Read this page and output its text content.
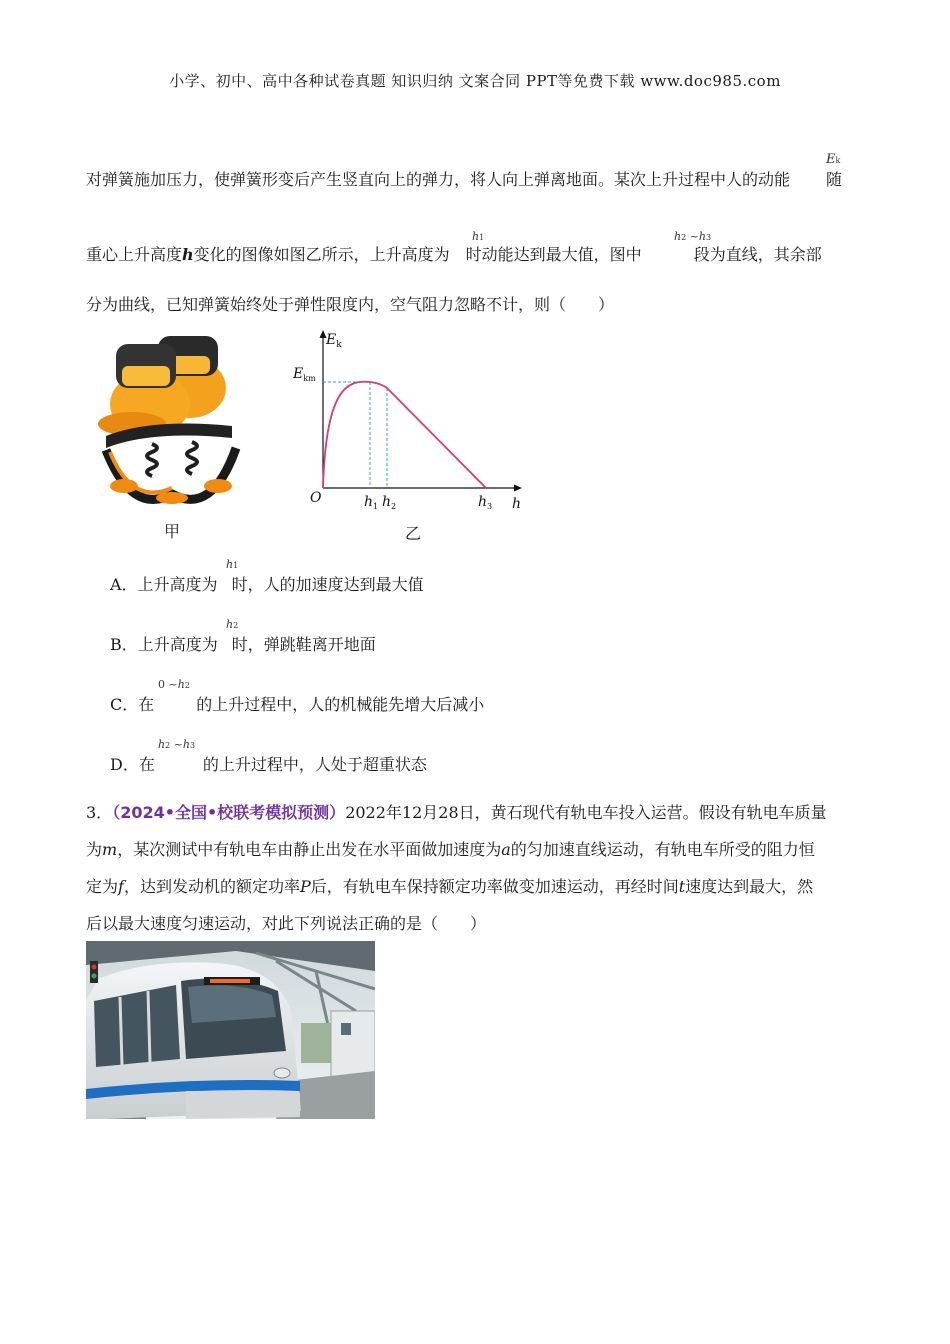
小学、初中、高中各种试卷真题 知识归纳 文案合同 PPT等免费下载 www.doc985.com
对弹簧施加压力，使弹簧形变后产生竖直向上的弹力，将人向上弹离地面。某次上升过程中人的动能 随
Ek
重心上升高度h变化的图像如图乙所示，上升高度为 时动能达到最大值，图中	段为直线，其余部
h1	h2 ~h3
分为曲线，已知弹簧始终处于弹性限度内，空气阻力忽略不计，则（　　）
甲
$E_k$
$E_{km}$
O	$h_1$ $h_2$	$h_3$ h
乙
A．上升高度为 时，人的加速度达到最大值
h1
B．上升高度为 时，弹跳鞋离开地面
h2
C．在	的上升过程中，人的机械能先增大后减小
0 ~h2
D．在	的上升过程中，人处于超重状态
h2 ~h3
3．（2024•全国•校联考模拟预测）2022年12月28日，黄石现代有轨电车投入运营。假设有轨电车质量
为m，某次测试中有轨电车由静止出发在水平面做加速度为a的匀加速直线运动，有轨电车所受的阻力恒
定为f，达到发动机的额定功率P后，有轨电车保持额定功率做变加速运动，再经时间t速度达到最大，然
后以最大速度匀速运动，对此下列说法正确的是（　　）
